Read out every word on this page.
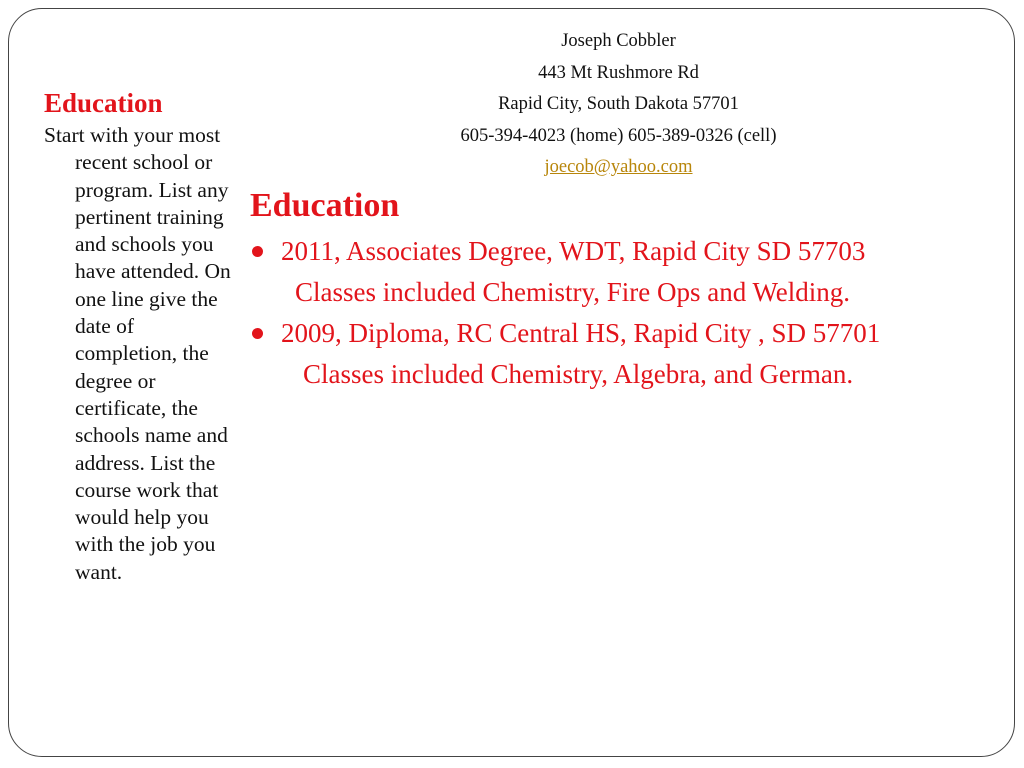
Education

Start with your most recent school or program. List any pertinent training and schools you have attended. On one line give the date of completion, the degree or certificate, the schools name and address. List the course work that would help you with the job you want.

Joseph Cobbler
443 Mt Rushmore Rd
Rapid City, South Dakota 57701
605-394-4023 (home) 605-389-0326 (cell)
joecob@yahoo.com
Education
2011, Associates Degree, WDT, Rapid City SD 57703
Classes included Chemistry, Fire Ops and Welding.
2009, Diploma, RC Central HS, Rapid City , SD 57701
Classes included Chemistry, Algebra, and German.
